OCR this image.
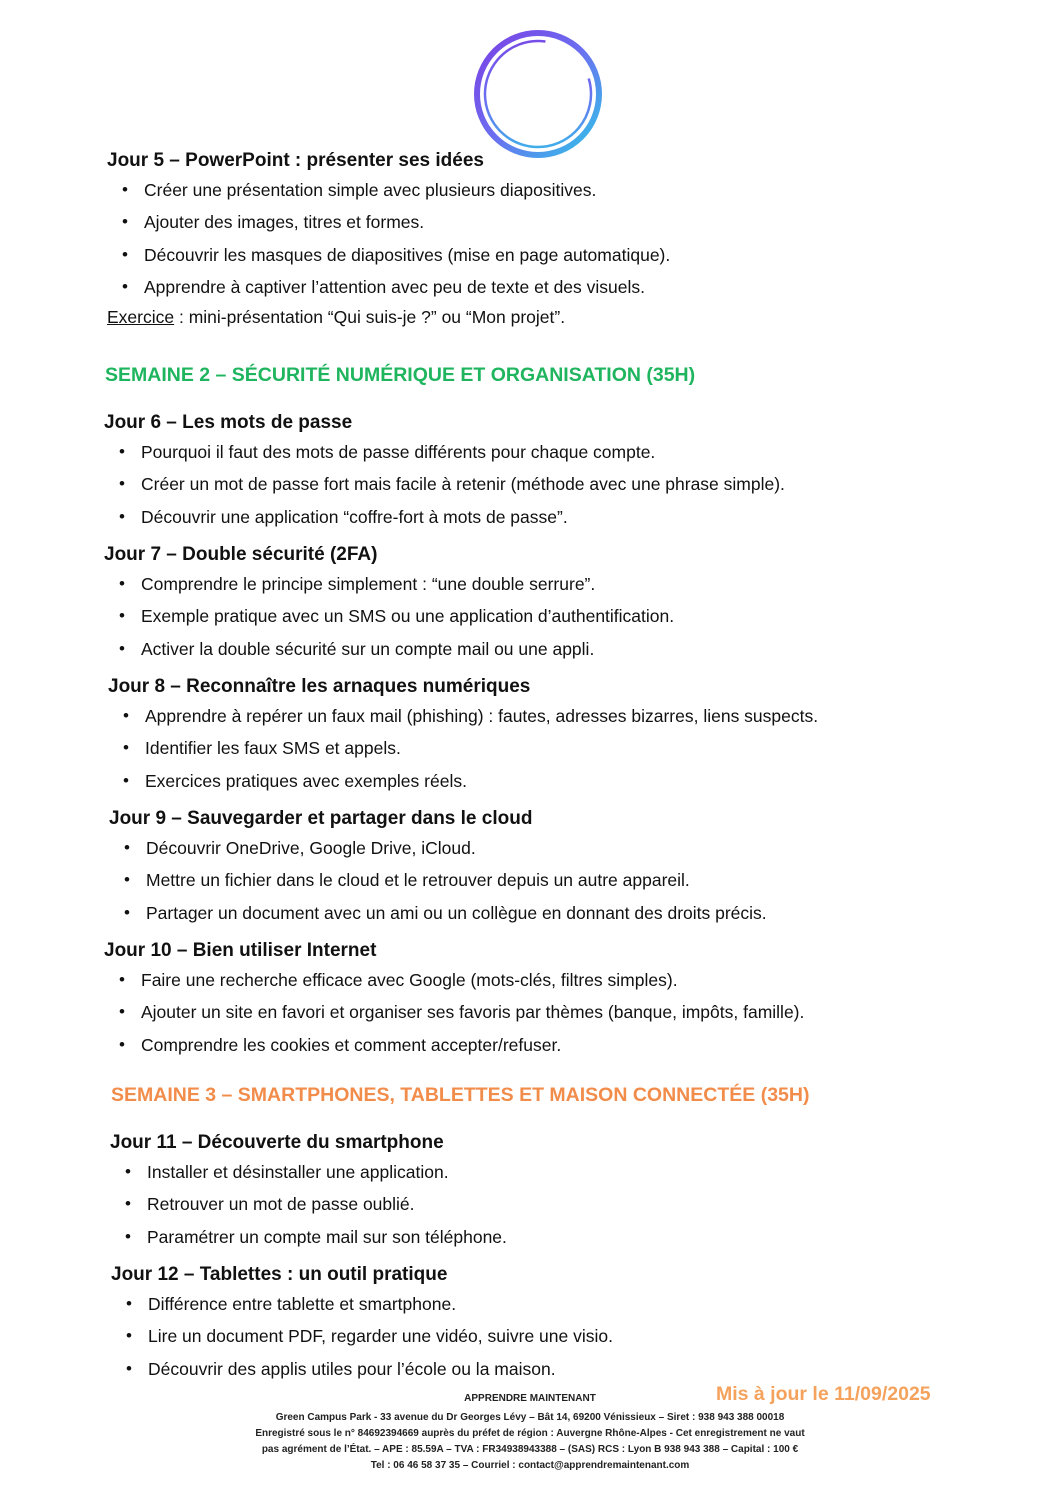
Jour 5 – PowerPoint : présenter ses idées
• Créer une présentation simple avec plusieurs diapositives.
• Ajouter des images, titres et formes.
• Découvrir les masques de diapositives (mise en page automatique).
• Apprendre à captiver l’attention avec peu de texte et des visuels.
Exercice : mini-présentation “Qui suis-je ?” ou “Mon projet”.
SEMAINE 2 – SÉCURITÉ NUMÉRIQUE ET ORGANISATION (35H)
Jour 6 – Les mots de passe
• Pourquoi il faut des mots de passe différents pour chaque compte.
• Créer un mot de passe fort mais facile à retenir (méthode avec une phrase simple).
• Découvrir une application “coffre-fort à mots de passe”.
Jour 7 – Double sécurité (2FA)
• Comprendre le principe simplement : “une double serrure”.
• Exemple pratique avec un SMS ou une application d’authentification.
• Activer la double sécurité sur un compte mail ou une appli.
Jour 8 – Reconnaître les arnaques numériques
• Apprendre à repérer un faux mail (phishing) : fautes, adresses bizarres, liens suspects.
• Identifier les faux SMS et appels.
• Exercices pratiques avec exemples réels.
Jour 9 – Sauvegarder et partager dans le cloud
• Découvrir OneDrive, Google Drive, iCloud.
• Mettre un fichier dans le cloud et le retrouver depuis un autre appareil.
• Partager un document avec un ami ou un collègue en donnant des droits précis.
Jour 10 – Bien utiliser Internet
• Faire une recherche efficace avec Google (mots-clés, filtres simples).
• Ajouter un site en favori et organiser ses favoris par thèmes (banque, impôts, famille).
• Comprendre les cookies et comment accepter/refuser.
SEMAINE 3 – SMARTPHONES, TABLETTES ET MAISON CONNECTÉE (35H)
Jour 11 – Découverte du smartphone
• Installer et désinstaller une application.
• Retrouver un mot de passe oublié.
• Paramétrer un compte mail sur son téléphone.
Jour 12 – Tablettes : un outil pratique
• Différence entre tablette et smartphone.
• Lire un document PDF, regarder une vidéo, suivre une visio.
• Découvrir des applis utiles pour l’école ou la maison.
Mis à jour le 11/09/2025
APPRENDRE MAINTENANT
Green Campus Park - 33 avenue du Dr Georges Lévy – Bât 14, 69200 Vénissieux – Siret : 938 943 388 00018
Enregistré sous le n° 84692394669 auprès du préfet de région : Auvergne Rhône-Alpes - Cet enregistrement ne vaut
pas agrément de l’État. – APE : 85.59A – TVA : FR34938943388 – (SAS) RCS : Lyon B 938 943 388 – Capital : 100 €
Tel : 06 46 58 37 35 – Courriel : contact@apprendremaintenant.com
